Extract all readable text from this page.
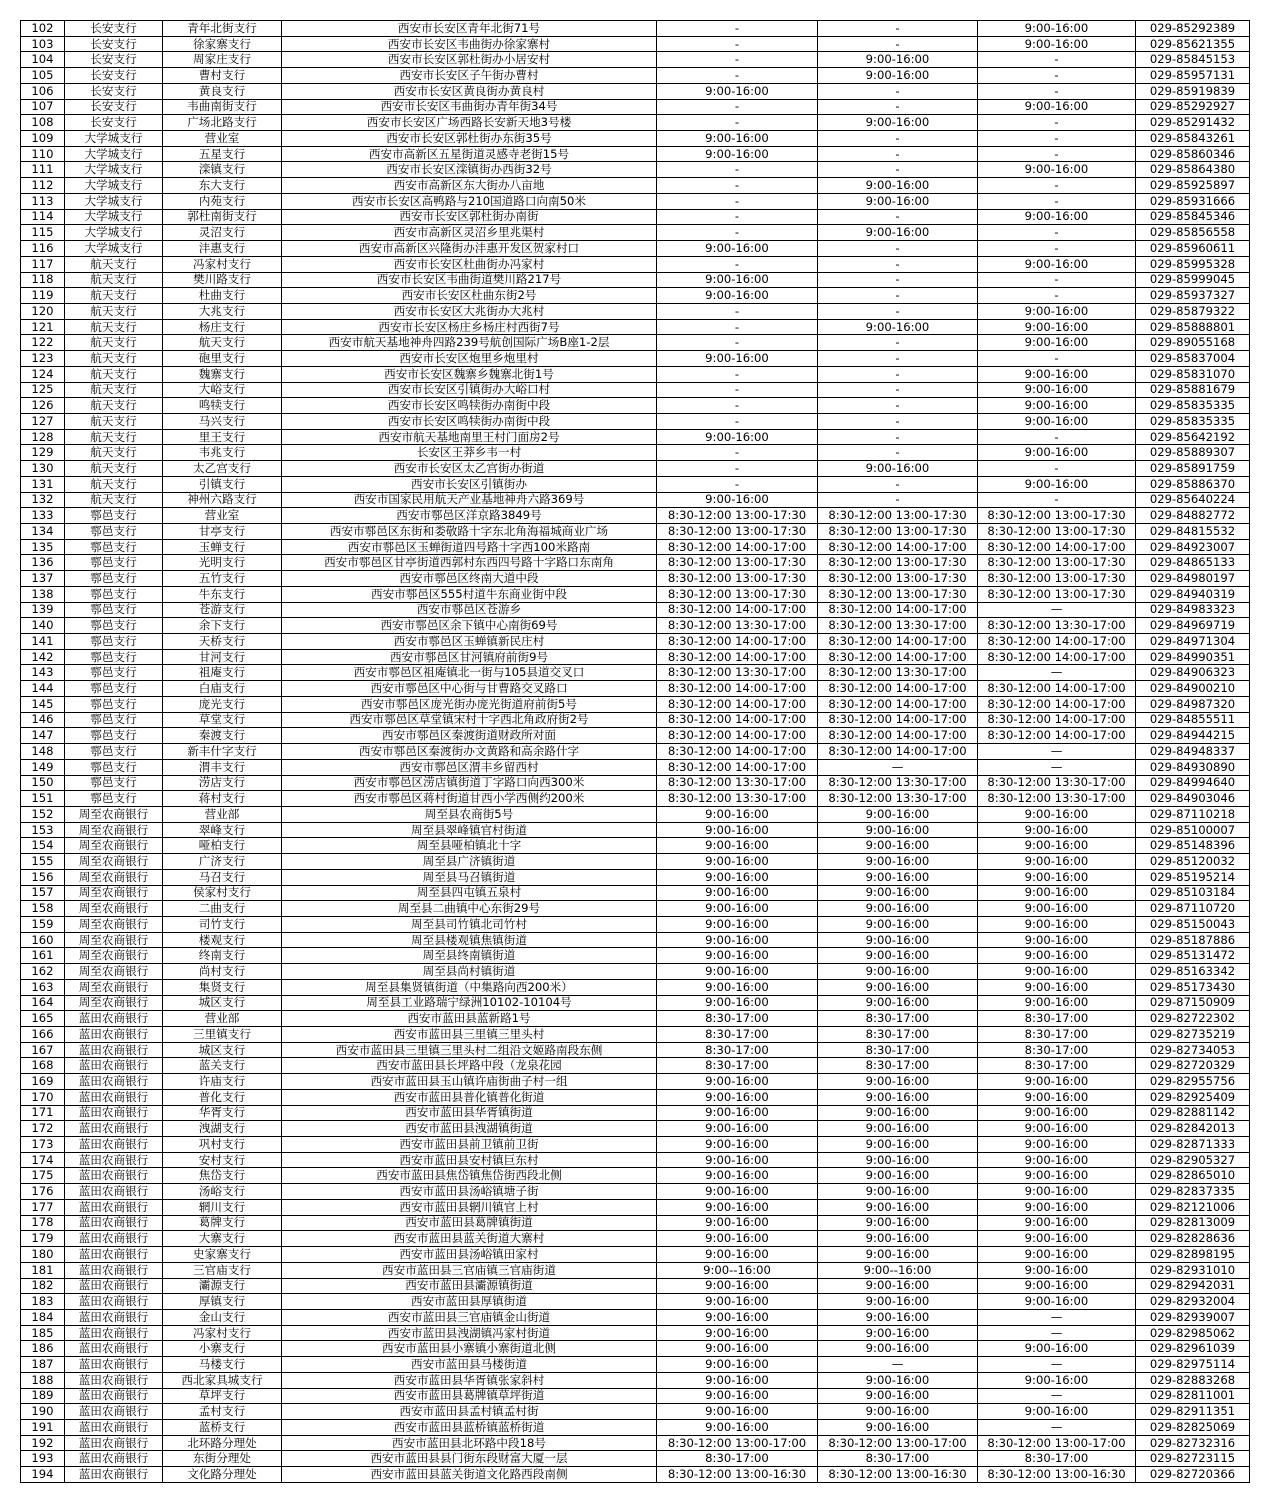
102	长安支行	青年北街支行	西安市长安区青年北街71号	-	-	9:00-16:00	029-85292389
103	长安支行	徐家寨支行	西安市长安区韦曲街办徐家寨村	-	-	9:00-16:00	029-85621355
104	长安支行	周家庄支行	西安市长安区郭杜街办小居安村	-	9:00-16:00	-	029-85845153
105	长安支行	曹村支行	西安市长安区子午街办曹村	-	9:00-16:00	-	029-85957131
106	长安支行	黄良支行	西安市长安区黄良街办黄良村	9:00-16:00	-	-	029-85919839
107	长安支行	韦曲南街支行	西安市长安区韦曲街办青年街34号	-	-	9:00-16:00	029-85292927
108	长安支行	广场北路支行	西安市长安区广场西路长安新天地3号楼	-	9:00-16:00	-	029-85291432
109	大学城支行	营业室	西安市长安区郭杜街办东街35号	9:00-16:00	-	-	029-85843261
110	大学城支行	五星支行	西安市高新区五星街道灵感寺老街15号	9:00-16:00	-	-	029-85860346
111	大学城支行	滦镇支行	西安市长安区滦镇街办西街32号	-	-	9:00-16:00	029-85864380
112	大学城支行	东大支行	西安市高新区东大街办八亩地	-	9:00-16:00	-	029-85925897
113	大学城支行	内苑支行	西安市长安区高鸭路与210国道路口向南50米	-	9:00-16:00	-	029-85931666
114	大学城支行	郭杜南街支行	西安市长安区郭杜街办南街	-	-	9:00-16:00	029-85845346
115	大学城支行	灵沼支行	西安市高新区灵沼乡里兆渠村	-	9:00-16:00	-	029-85856558
116	大学城支行	沣惠支行	西安市高新区兴隆街办沣惠开发区贺家村口	9:00-16:00	-	-	029-85960611
117	航天支行	冯家村支行	西安市长安区杜曲街办冯家村	-	-	9:00-16:00	029-85995328
118	航天支行	樊川路支行	西安市长安区韦曲街道樊川路217号	9:00-16:00	-	-	029-85999045
119	航天支行	杜曲支行	西安市长安区杜曲东街2号	9:00-16:00	-	-	029-85937327
120	航天支行	大兆支行	西安市长安区大兆街办大兆村	-	-	9:00-16:00	029-85879322
121	航天支行	杨庄支行	西安市长安区杨庄乡杨庄村西街7号	-	9:00-16:00	9:00-16:00	029-85888801
122	航天支行	航天支行	西安市航天基地神舟四路239号航创国际广场B座1-2层	-	-	9:00-16:00	029-89055168
123	航天支行	砲里支行	西安市长安区炮里乡炮里村	9:00-16:00	-	-	029-85837004
124	航天支行	魏寨支行	西安市长安区魏寨乡魏寨北街1号	-	-	9:00-16:00	029-85831070
125	航天支行	大峪支行	西安市长安区引镇街办大峪口村	-	-	9:00-16:00	029-85881679
126	航天支行	鸣犊支行	西安市长安区鸣犊街办南街中段	-	-	9:00-16:00	029-85835335
127	航天支行	马兴支行	西安市长安区鸣犊街办南街中段	-	-	9:00-16:00	029-85835335
128	航天支行	里王支行	西安市航天基地南里王村门面房2号	9:00-16:00	-	-	029-85642192
129	航天支行	韦兆支行	长安区王莽乡韦一村	-	-	9:00-16:00	029-85889307
130	航天支行	太乙宫支行	西安市长安区太乙宫街办街道	-	9:00-16:00	-	029-85891759
131	航天支行	引镇支行	西安市长安区引镇街办	-	-	9:00-16:00	029-85886370
132	航天支行	神州六路支行	西安市国家民用航天产业基地神舟六路369号	9:00-16:00	-	-	029-85640224
133	鄠邑支行	营业室	西安市鄠邑区洋京路3849号	8:30-12:00 13:00-17:30	8:30-12:00 13:00-17:30	8:30-12:00 13:00-17:30	029-84882772
134	鄠邑支行	甘亭支行	西安市鄠邑区东街和娄敬路十字东北角海福城商业广场	8:30-12:00 13:00-17:30	8:30-12:00 13:00-17:30	8:30-12:00 13:00-17:30	029-84815532
135	鄠邑支行	玉蝉支行	西安市鄠邑区玉蝉街道四号路十字西100米路南	8:30-12:00 14:00-17:00	8:30-12:00 14:00-17:00	8:30-12:00 14:00-17:00	029-84923007
136	鄠邑支行	光明支行	西安市鄠邑区甘亭街道西郭村东西四号路十字路口东南角	8:30-12:00 13:00-17:30	8:30-12:00 13:00-17:30	8:30-12:00 13:00-17:30	029-84865133
137	鄠邑支行	五竹支行	西安市鄠邑区终南大道中段	8:30-12:00 13:00-17:30	8:30-12:00 13:00-17:30	8:30-12:00 13:00-17:30	029-84980197
138	鄠邑支行	牛东支行	西安市鄠邑区555村道牛东商业街中段	8:30-12:00 13:00-17:30	8:30-12:00 13:00-17:30	8:30-12:00 13:00-17:30	029-84940319
139	鄠邑支行	苍游支行	西安市鄠邑区苍游乡	8:30-12:00 14:00-17:00	8:30-12:00 14:00-17:00	—	029-84983323
140	鄠邑支行	余下支行	西安市鄠邑区余下镇中心南街69号	8:30-12:00 13:30-17:00	8:30-12:00 13:30-17:00	8:30-12:00 13:30-17:00	029-84969719
141	鄠邑支行	天桥支行	西安市鄠邑区玉蝉镇新民庄村	8:30-12:00 14:00-17:00	8:30-12:00 14:00-17:00	8:30-12:00 14:00-17:00	029-84971304
142	鄠邑支行	甘河支行	西安市鄠邑区甘河镇府前街9号	8:30-12:00 14:00-17:00	8:30-12:00 14:00-17:00	8:30-12:00 14:00-17:00	029-84990351
143	鄠邑支行	祖庵支行	西安市鄠邑区祖庵镇北一街与105县道交叉口	8:30-12:00 13:30-17:00	8:30-12:00 13:30-17:00	—	029-84906323
144	鄠邑支行	白庙支行	西安市鄠邑区中心街与甘曹路交叉路口	8:30-12:00 14:00-17:00	8:30-12:00 14:00-17:00	8:30-12:00 14:00-17:00	029-84900210
145	鄠邑支行	庞光支行	西安市鄠邑区庞光街办庞光街道府前街5号	8:30-12:00 14:00-17:00	8:30-12:00 14:00-17:00	8:30-12:00 14:00-17:00	029-84987320
146	鄠邑支行	草堂支行	西安市鄠邑区草堂镇宋村十字西北角政府街2号	8:30-12:00 14:00-17:00	8:30-12:00 14:00-17:00	8:30-12:00 14:00-17:00	029-84855511
147	鄠邑支行	秦渡支行	西安市鄠邑区秦渡街道财政所对面	8:30-12:00 14:00-17:00	8:30-12:00 14:00-17:00	8:30-12:00 14:00-17:00	029-84944215
148	鄠邑支行	新丰什字支行	西安市鄠邑区秦渡街办文黄路和高余路什字	8:30-12:00 14:00-17:00	8:30-12:00 14:00-17:00	—	029-84948337
149	鄠邑支行	渭丰支行	西安市鄠邑区渭丰乡留西村	8:30-12:00 14:00-17:00	—	—	029-84930890
150	鄠邑支行	涝店支行	西安市鄠邑区涝店镇街道丁字路口向西300米	8:30-12:00 13:30-17:00	8:30-12:00 13:30-17:00	8:30-12:00 13:30-17:00	029-84994640
151	鄠邑支行	蒋村支行	西安市鄠邑区蒋村街道甘西小学西侧约200米	8:30-12:00 13:30-17:00	8:30-12:00 13:30-17:00	8:30-12:00 13:30-17:00	029-84903046
152	周至农商银行	营业部	周至县农商街5号	9:00-16:00	9:00-16:00	9:00-16:00	029-87110218
153	周至农商银行	翠峰支行	周至县翠峰镇官村街道	9:00-16:00	9:00-16:00	9:00-16:00	029-85100007
154	周至农商银行	哑柏支行	周至县哑柏镇北十字	9:00-16:00	9:00-16:00	9:00-16:00	029-85148396
155	周至农商银行	广济支行	周至县广济镇街道	9:00-16:00	9:00-16:00	9:00-16:00	029-85120032
156	周至农商银行	马召支行	周至县马召镇街道	9:00-16:00	9:00-16:00	9:00-16:00	029-85195214
157	周至农商银行	侯家村支行	周至县四屯镇五泉村	9:00-16:00	9:00-16:00	9:00-16:00	029-85103184
158	周至农商银行	二曲支行	周至县二曲镇中心东街29号	9:00-16:00	9:00-16:00	9:00-16:00	029-87110720
159	周至农商银行	司竹支行	周至县司竹镇北司竹村	9:00-16:00	9:00-16:00	9:00-16:00	029-85150043
160	周至农商银行	楼观支行	周至县楼观镇焦镇街道	9:00-16:00	9:00-16:00	9:00-16:00	029-85187886
161	周至农商银行	终南支行	周至县终南镇街道	9:00-16:00	9:00-16:00	9:00-16:00	029-85131472
162	周至农商银行	尚村支行	周至县尚村镇街道	9:00-16:00	9:00-16:00	9:00-16:00	029-85163342
163	周至农商银行	集贤支行	周至县集贤镇街道（中集路向西200米）	9:00-16:00	9:00-16:00	9:00-16:00	029-85173430
164	周至农商银行	城区支行	周至县工业路瑞宁绿洲10102-10104号	9:00-16:00	9:00-16:00	9:00-16:00	029-87150909
165	蓝田农商银行	营业部	西安市蓝田县蓝新路1号	8:30-17:00	8:30-17:00	8:30-17:00	029-82722302
166	蓝田农商银行	三里镇支行	西安市蓝田县三里镇三里头村	8:30-17:00	8:30-17:00	8:30-17:00	029-82735219
167	蓝田农商银行	城区支行	西安市蓝田县三里镇三里头村二组沿文姬路南段东侧	8:30-17:00	8:30-17:00	8:30-17:00	029-82734053
168	蓝田农商银行	蓝关支行	西安市蓝田县长坪路中段（龙泉花园	8:30-17:00	8:30-17:00	8:30-17:00	029-82720329
169	蓝田农商银行	许庙支行	西安市蓝田县玉山镇许庙街曲子村一组	9:00-16:00	9:00-16:00	9:00-16:00	029-82955756
170	蓝田农商银行	普化支行	西安市蓝田县普化镇普化街道	9:00-16:00	9:00-16:00	9:00-16:00	029-82925409
171	蓝田农商银行	华胥支行	西安市蓝田县华胥镇街道	9:00-16:00	9:00-16:00	9:00-16:00	029-82881142
172	蓝田农商银行	洩湖支行	西安市蓝田县洩湖镇街道	9:00-16:00	9:00-16:00	9:00-16:00	029-82842013
173	蓝田农商银行	巩村支行	西安市蓝田县前卫镇前卫街	9:00-16:00	9:00-16:00	9:00-16:00	029-82871333
174	蓝田农商银行	安村支行	西安市蓝田县安村镇巨东村	9:00-16:00	9:00-16:00	9:00-16:00	029-82905327
175	蓝田农商银行	焦岱支行	西安市蓝田县焦岱镇焦岱街西段北侧	9:00-16:00	9:00-16:00	9:00-16:00	029-82865010
176	蓝田农商银行	汤峪支行	西安市蓝田县汤峪镇塘子街	9:00-16:00	9:00-16:00	9:00-16:00	029-82837335
177	蓝田农商银行	辋川支行	西安市蓝田县辋川镇官上村	9:00-16:00	9:00-16:00	9:00-16:00	029-82121006
178	蓝田农商银行	葛牌支行	西安市蓝田县葛牌镇街道	9:00-16:00	9:00-16:00	9:00-16:00	029-82813009
179	蓝田农商银行	大寨支行	西安市蓝田县蓝关街道大寨村	9:00-16:00	9:00-16:00	9:00-16:00	029-82828636
180	蓝田农商银行	史家寨支行	西安市蓝田县汤峪镇田家村	9:00-16:00	9:00-16:00	9:00-16:00	029-82898195
181	蓝田农商银行	三官庙支行	西安市蓝田县三官庙镇三官庙街道	9:00--16:00	9:00--16:00	9:00-16:00	029-82931010
182	蓝田农商银行	灞源支行	西安市蓝田县灞源镇街道	9:00-16:00	9:00-16:00	9:00-16:00	029-82942031
183	蓝田农商银行	厚镇支行	西安市蓝田县厚镇街道	9:00-16:00	9:00-16:00	9:00-16:00	029-82932004
184	蓝田农商银行	金山支行	西安市蓝田县三官庙镇金山街道	9:00-16:00	9:00-16:00	—	029-82939007
185	蓝田农商银行	冯家村支行	西安市蓝田县洩湖镇冯家村街道	9:00-16:00	9:00-16:00	—	029-82985062
186	蓝田农商银行	小寨支行	西安市蓝田县小寨镇小寨街道北侧	9:00-16:00	9:00-16:00	9:00-16:00	029-82961039
187	蓝田农商银行	马楼支行	西安市蓝田县马楼街道	9:00-16:00	—	—	029-82975114
188	蓝田农商银行	西北家具城支行	西安市蓝田县华胥镇张家斜村	9:00-16:00	9:00-16:00	9:00-16:00	029-82883268
189	蓝田农商银行	草坪支行	西安市蓝田县葛牌镇草坪街道	9:00-16:00	9:00-16:00	—	029-82811001
190	蓝田农商银行	孟村支行	西安市蓝田县孟村镇孟村街	9:00-16:00	9:00-16:00	9:00-16:00	029-82911351
191	蓝田农商银行	蓝桥支行	西安市蓝田县蓝桥镇蓝桥街道	9:00-16:00	9:00-16:00	—	029-82825069
192	蓝田农商银行	北环路分理处	西安市蓝田县北环路中段18号	8:30-12:00 13:00-17:00	8:30-12:00 13:00-17:00	8:30-12:00 13:00-17:00	029-82732316
193	蓝田农商银行	东街分理处	西安市蓝田县县门街东段财富大厦一层	8:30-17:00	8:30-17:00	8:30-17:00	029-82723115
194	蓝田农商银行	文化路分理处	西安市蓝田县蓝关街道文化路西段南侧	8:30-12:00 13:00-16:30	8:30-12:00 13:00-16:30	8:30-12:00 13:00-16:30	029-82720366
